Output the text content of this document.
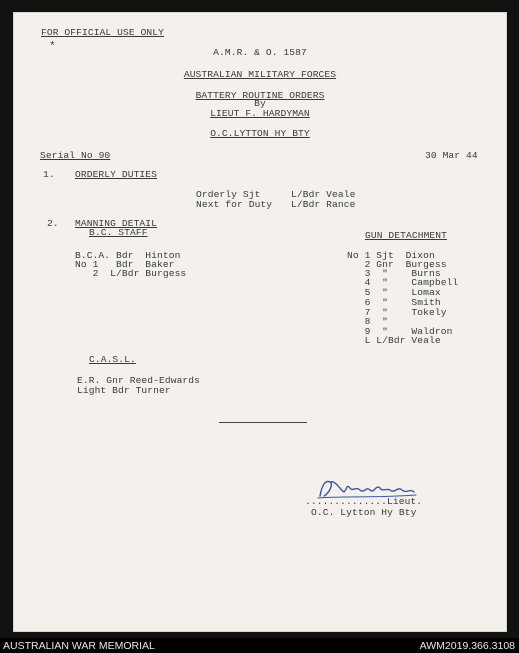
FOR OFFICIAL USE ONLY
*	A.M.R. & O. 1587
AUSTRALIAN MILITARY FORCES
BATTERY ROUTINE ORDERS
By
LIEUT F. HARDYMAN
O.C.LYTTON HY BTY
Serial No 90	30 Mar 44
1. ORDERLY DUTIES
Orderly Sjt	L/Bdr Veale
Next for Duty L/Bdr Rance
2. MANNING DETAIL
B.C. STAFF
B.C.A. Bdr  Hinton
No 1   Bdr  Baker
2  L/Bdr Burgess
GUN DETACHMENT
No 1 Sjt  Dixon
2 Gnr  Burgess
3  "    Burns
4  "    Campbell
5  "    Lomax
6  "    Smith
7  "    Tokely
8  "
9  "    Waldron
L L/Bdr Veale
C.A.S.L.
E.R. Gnr Reed-Edwards
Light Bdr Turner
..............Lieut.
O.C. Lytton Hy Bty
AUSTRALIAN WAR MEMORIAL	AWM2019.366.3108
